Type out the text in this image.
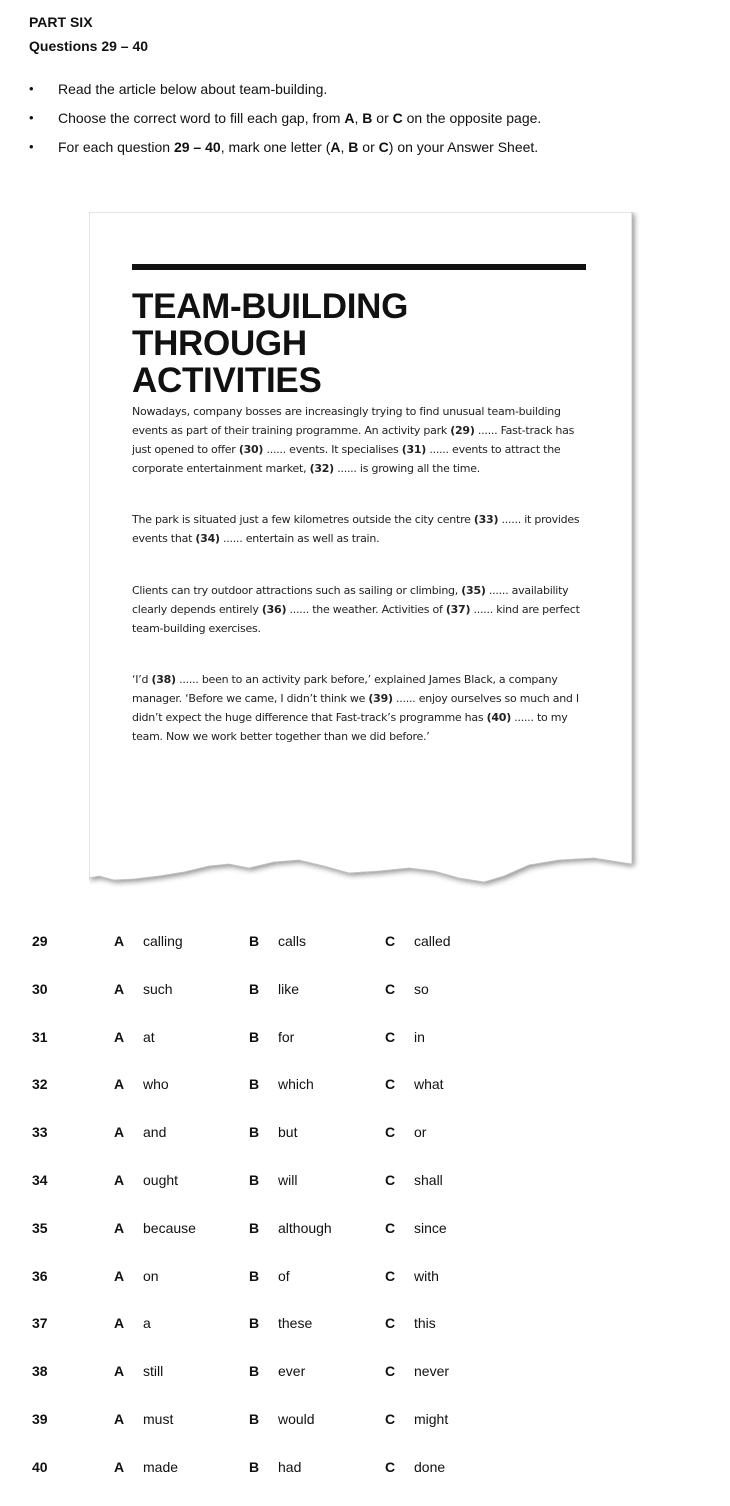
PART SIX
Questions 29 – 40
• Read the article below about team-building.
• Choose the correct word to fill each gap, from A, B or C on the opposite page.
• For each question 29 – 40, mark one letter (A, B or C) on your Answer Sheet.
TEAM-BUILDING THROUGH
ACTIVITIES
Nowadays, company bosses are increasingly trying to find unusual team-building events as part of their training programme. An activity park (29) ...... Fast-track has just opened to offer (30) ...... events. It specialises (31) ...... events to attract the corporate entertainment market, (32) ...... is growing all the time.
The park is situated just a few kilometres outside the city centre (33) ...... it provides events that (34) ...... entertain as well as train.
Clients can try outdoor attractions such as sailing or climbing, (35) ...... availability clearly depends entirely (36) ...... the weather. Activities of (37) ...... kind are perfect team-building exercises.
‘I’d (38) ...... been to an activity park before,’ explained James Black, a company manager. ‘Before we came, I didn’t think we (39) ...... enjoy ourselves so much and I didn’t expect the huge difference that Fast-track’s programme has (40) ...... to my team. Now we work better together than we did before.’
29	A calling	B calls	C called
30	A such	B like	C so
31	A at	B for	C in
32	A who	B which	C what
33	A and	B but	C or
34	A ought	B will	C shall
35	A because	B although	C since
36	A on	B of	C with
37	A a	B these	C this
38	A still	B ever	C never
39	A must	B would	C might
40	A made	B had	C done
